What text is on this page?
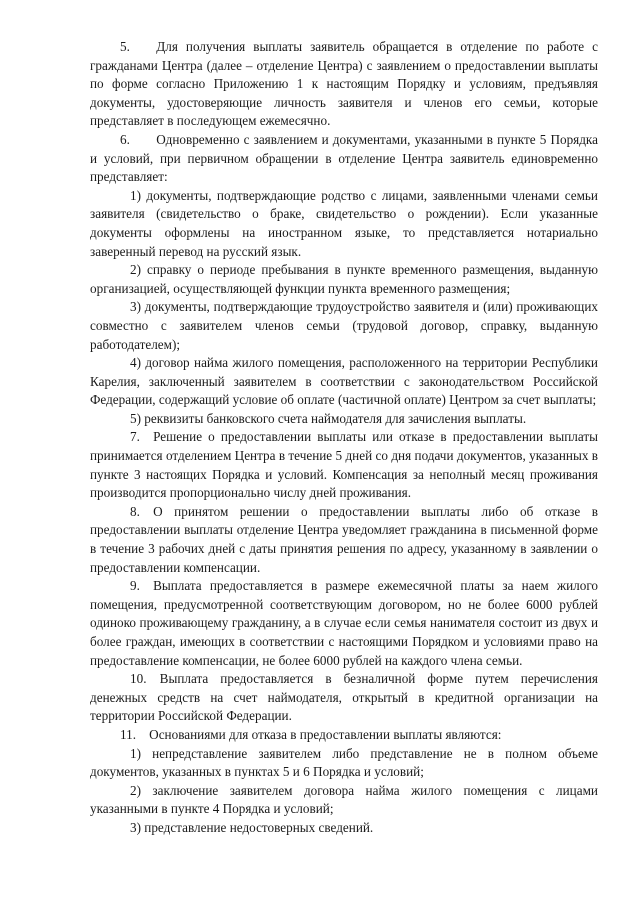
5.  Для получения выплаты заявитель обращается в отделение по работе с гражданами Центра (далее – отделение Центра) с заявлением о предоставлении выплаты по форме согласно Приложению 1 к настоящим Порядку и условиям, предъявляя документы, удостоверяющие личность заявителя и членов его семьи, которые представляет в последующем ежемесячно.

6.  Одновременно с заявлением и документами, указанными в пункте 5 Порядка и условий, при первичном обращении в отделение Центра заявитель единовременно представляет:

1) документы, подтверждающие родство с лицами, заявленными членами семьи заявителя (свидетельство о браке, свидетельство о рождении). Если указанные документы оформлены на иностранном языке, то представляется нотариально заверенный перевод на русский язык.

2) справку о периоде пребывания в пункте временного размещения, выданную организацией, осуществляющей функции пункта временного размещения;

3) документы, подтверждающие трудоустройство заявителя и (или) проживающих совместно с заявителем членов семьи (трудовой договор, справку, выданную работодателем);

4) договор найма жилого помещения, расположенного на территории Республики Карелия, заключенный заявителем в соответствии с законодательством Российской Федерации, содержащий условие об оплате (частичной оплате) Центром за счет выплаты;

5) реквизиты банковского счета наймодателя для зачисления выплаты.

7. Решение о предоставлении выплаты или отказе в предоставлении выплаты принимается отделением Центра в течение 5 дней со дня подачи документов, указанных в пункте 3 настоящих Порядка и условий. Компенсация за неполный месяц проживания производится пропорционально числу дней проживания.

8. О принятом решении о предоставлении выплаты либо об отказе в предоставлении выплаты отделение Центра уведомляет гражданина в письменной форме в течение 3 рабочих дней с даты принятия решения по адресу, указанному в заявлении о предоставлении компенсации.

9. Выплата предоставляется в размере ежемесячной платы за наем жилого помещения, предусмотренной соответствующим договором, но не более 6000 рублей одиноко проживающему гражданину, а в случае если семья нанимателя состоит из двух и более граждан, имеющих в соответствии с настоящими Порядком и условиями право на предоставление компенсации, не более 6000 рублей на каждого члена семьи.

10. Выплата предоставляется в безналичной форме путем перечисления денежных средств на счет наймодателя, открытый в кредитной организации на территории Российской Федерации.

11. Основаниями для отказа в предоставлении выплаты являются:

1) непредставление заявителем либо представление не в полном объеме документов, указанных в пунктах 5 и 6 Порядка и условий;

2) заключение заявителем договора найма жилого помещения с лицами указанными в пункте 4 Порядка и условий;

3) представление недостоверных сведений.
